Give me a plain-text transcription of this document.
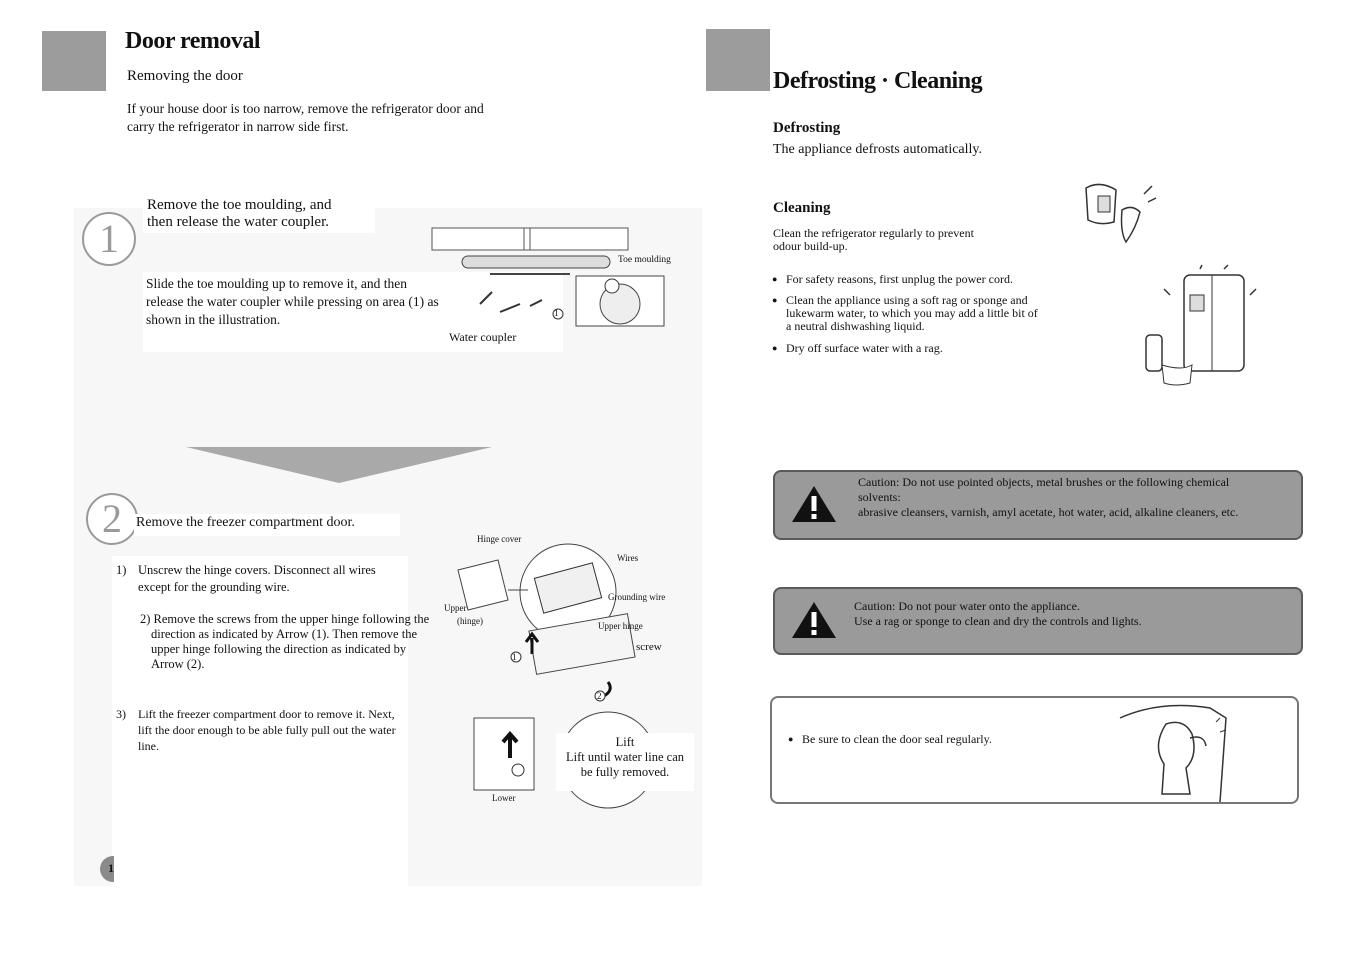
Door removal
Removing the door
If your house door is too narrow, remove the refrigerator door and
carry the refrigerator in narrow side first.
1
Remove the toe moulding, and
then release the water coupler.
Slide the toe moulding up to remove it, and then
release the water coupler while pressing on area (1) as
shown in the illustration.
Toe moulding
Water coupler
1
2	Remove the freezer compartment door.
1) Unscrew the hinge covers. Disconnect all wires
except for the grounding wire.
2) Remove the screws from the upper hinge following the
direction as indicated by Arrow (1). Then remove the
upper hinge following the direction as indicated by
Arrow (2).
3) Lift the freezer compartment door to remove it. Next,
lift the door enough to be able fully pull out the water
line.
Hinge cover
Wires
Grounding wire
Upper
(hinge)	Upper hinge
screw
1
2
Lift
Lift until water line can
be fully removed.
Lower
1
Defrosting · Cleaning
Defrosting
The appliance defrosts automatically.
Cleaning
Clean the refrigerator regularly to prevent
odour build-up.
● For safety reasons, first unplug the power cord.
● Clean the appliance using a soft rag or sponge and
lukewarm water, to which you may add a little bit of
a neutral dishwashing liquid.
● Dry off surface water with a rag.
Caution: Do not use pointed objects, metal brushes or the following chemical
solvents:
abrasive cleansers, varnish, amyl acetate, hot water, acid, alkaline cleaners, etc.
Caution: Do not pour water onto the appliance.
Use a rag or sponge to clean and dry the controls and lights.
● Be sure to clean the door seal regularly.
